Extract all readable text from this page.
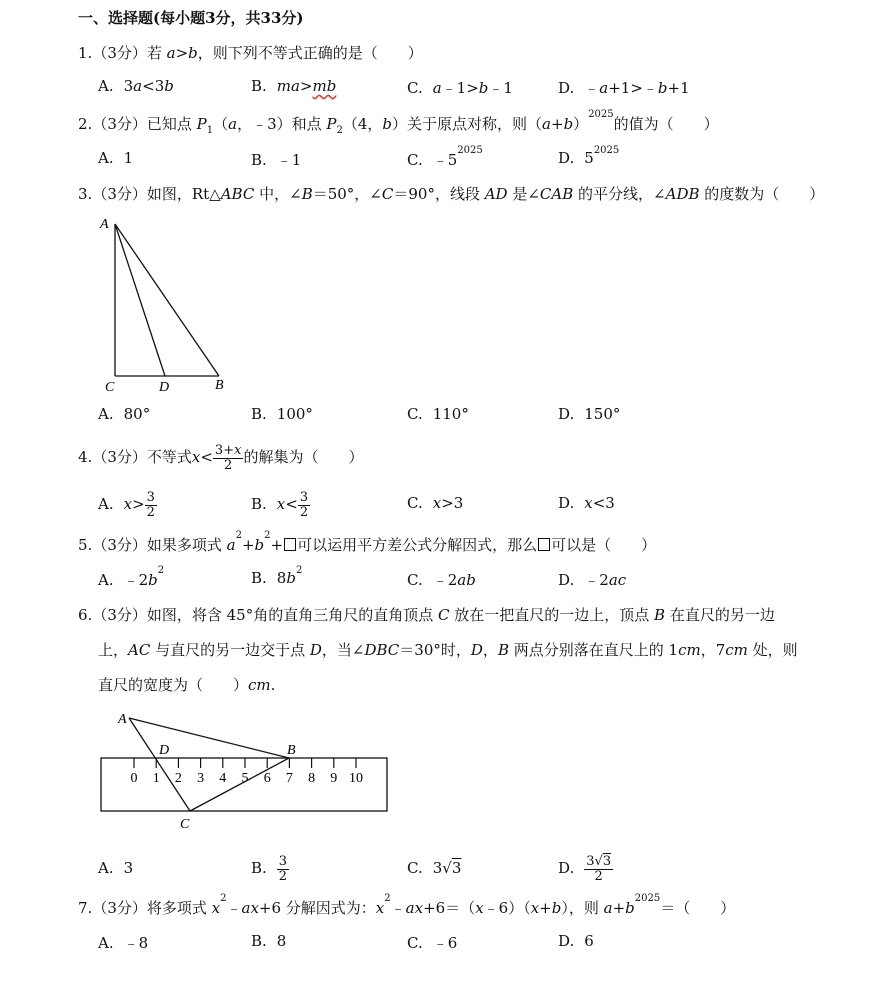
一、选择题(每小题3分，共33分)
1.（3分）若 a>b，则下列不等式正确的是（　　）
A. 3a<3b	B. ma>mb	C. a﹣1>b﹣1	D. ﹣a+1>﹣b+1
2.（3分）已知点 $P_1(a$，﹣3）和点 $P_2(4$，b）关于原点对称，则$(a+b)^{2025}$的值为（　　）
A. 1	B. ﹣1	C. $﹣5^{2025}$	D. $5^{2025}$
3.（3分）如图，Rt△ABC 中，∠B＝50°，∠C＝90°，线段 AD 是∠CAB 的平分线，∠ADB 的度数为（　　）
A
C	D	B
A. 80°	B. 100°	C. 110°	D. 150°
4.（3分）不等式$x< \frac{3+x}{2}$ 的解集为（　　）
A. $x> \frac{3}{2}$	B. $x< \frac{3}{2}$	C. x>3	D. x<3
5.（3分）如果多项式 $a^2+b^2+$ 可以运用平方差公式分解因式，那么 可以是（　　）
A. $﹣2b^2$	B. $8b^2$
C. ﹣2ab	D. ﹣2ac
6.（3分）如图，将含 45°角的直角三角尺的直角顶点 C 放在一把直尺的一边上，顶点 B 在直尺的另一边
上，AC 与直尺的另一边交于点 D，当∠DBC＝30°时，D，B 两点分别落在直尺上的 1cm，7cm 处，则
直尺的宽度为（　　）cm.
0 1 2 3 4 5 6 7 8 9 10
A
D	B
C
A. 3	B. $\frac{3}{2}$	C. 3√3	D. $\frac{3√3}{2}$
7.（3分）将多项式 $x^2﹣ax+6$ 分解因式为：$x^2﹣ax+6=(x﹣6)(x+b)$，则 $a+b^{2025}=$（　　）
A. ﹣8	B. 8	C. ﹣6	D. 6
